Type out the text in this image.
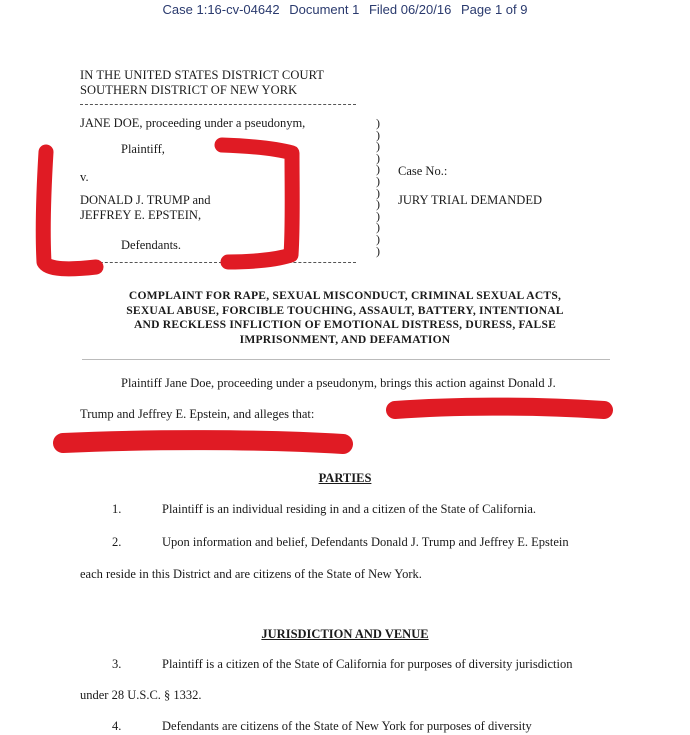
Case 1:16-cv-04642 Document 1 Filed 06/20/16 Page 1 of 9
IN THE UNITED STATES DISTRICT COURT
SOUTHERN DISTRICT OF NEW YORK
JANE DOE, proceeding under a pseudonym,
Plaintiff,
v.
DONALD J. TRUMP and
JEFFREY E. EPSTEIN,
Defendants.
)
)
)
)
)
)
)
)
)
)
)
)
Case No.:
JURY TRIAL DEMANDED
COMPLAINT FOR RAPE, SEXUAL MISCONDUCT, CRIMINAL SEXUAL ACTS,
SEXUAL ABUSE, FORCIBLE TOUCHING, ASSAULT, BATTERY, INTENTIONAL
AND RECKLESS INFLICTION OF EMOTIONAL DISTRESS, DURESS, FALSE
IMPRISONMENT, AND DEFAMATION
Plaintiff Jane Doe, proceeding under a pseudonym, brings this action against Donald J.
Trump and Jeffrey E. Epstein, and alleges that:
PARTIES
1.	Plaintiff is an individual residing in and a citizen of the State of California.
2.	Upon information and belief, Defendants Donald J. Trump and Jeffrey E. Epstein
each reside in this District and are citizens of the State of New York.
JURISDICTION AND VENUE
3.	Plaintiff is a citizen of the State of California for purposes of diversity jurisdiction
under 28 U.S.C. § 1332.
4.	Defendants are citizens of the State of New York for purposes of diversity
